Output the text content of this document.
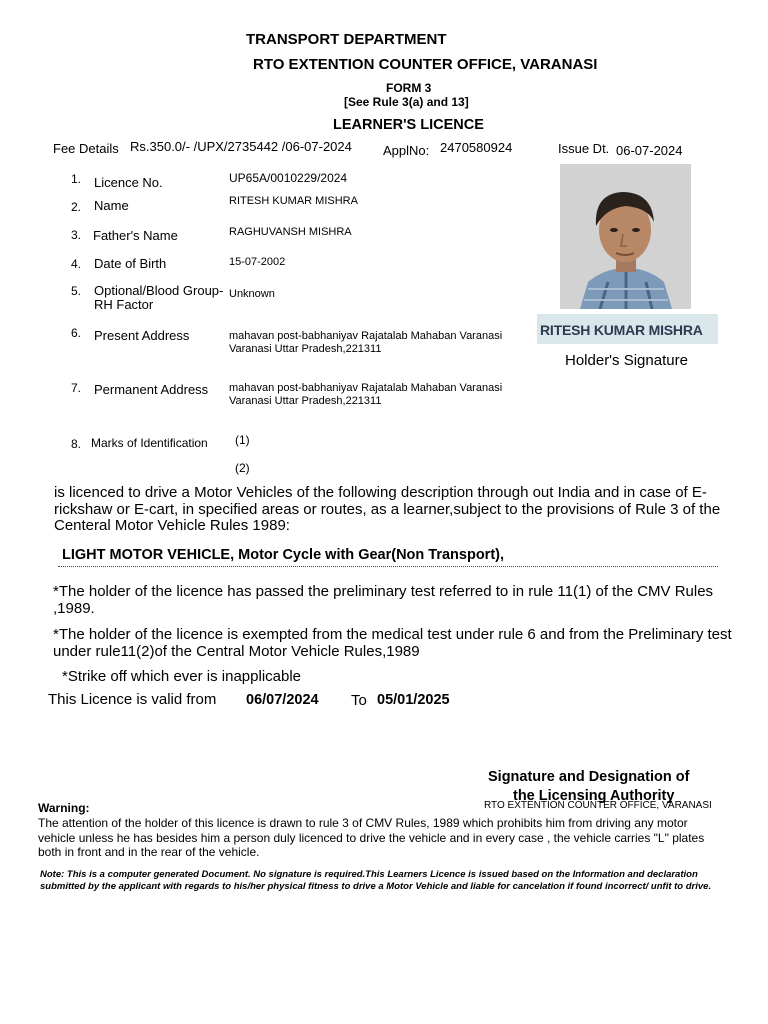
TRANSPORT DEPARTMENT
RTO EXTENTION COUNTER OFFICE, VARANASI
FORM 3
[See Rule 3(a) and 13]
LEARNER'S LICENCE
Fee Details Rs.350.0/- /UPX/2735442 /06-07-2024 ApplNo: 2470580924	Issue Dt. 06-07-2024
1. Licence No.	UP65A/0010229/2024
2. Name	RITESH KUMAR MISHRA
3. Father's Name	RAGHUVANSH MISHRA
4. Date of Birth	15-07-2002
5. Optional/Blood Group-
RH Factor
Unknown
6. Present Address	mahavan post-babhaniyav Rajatalab Mahaban Varanasi
Varanasi Uttar Pradesh,221311
7. Permanent Address mahavan post-babhaniyav Rajatalab Mahaban Varanasi
Varanasi Uttar Pradesh,221311
8. Marks of Identification (1)
(2)
RITESH KUMAR MISHRA
Holder's Signature
is licenced to drive a Motor Vehicles of the following description through out India and in case of E-rickshaw or E-cart, in specified areas or routes, as a learner,subject to the provisions of Rule 3 of the Centeral Motor Vehicle Rules 1989:
LIGHT MOTOR VEHICLE, Motor Cycle with Gear(Non Transport),
*The holder of the licence has passed the preliminary test referred to in rule 11(1) of the CMV Rules ,1989.
*The holder of the licence is exempted from the medical test under rule 6 and from the Preliminary test under rule11(2)of the Central Motor Vehicle Rules,1989
*Strike off which ever is inapplicable
This Licence is valid from 06/07/2024 To 05/01/2025
Signature and Designation of
the Licensing Authority
RTO EXTENTION COUNTER OFFICE, VARANASI
Warning:
The attention of the holder of this licence is drawn to rule 3 of CMV Rules, 1989 which prohibits him from driving any motor vehicle unless he has besides him a person duly licenced to drive the vehicle and in every case , the vehicle carries "L" plates both in front and in the rear of the vehicle.
Note: This is a computer generated Document. No signature is required.This Learners Licence is issued based on the Information and declaration submitted by the applicant with regards to his/her physical fitness to drive a Motor Vehicle and liable for cancelation if found incorrect/ unfit to drive.
